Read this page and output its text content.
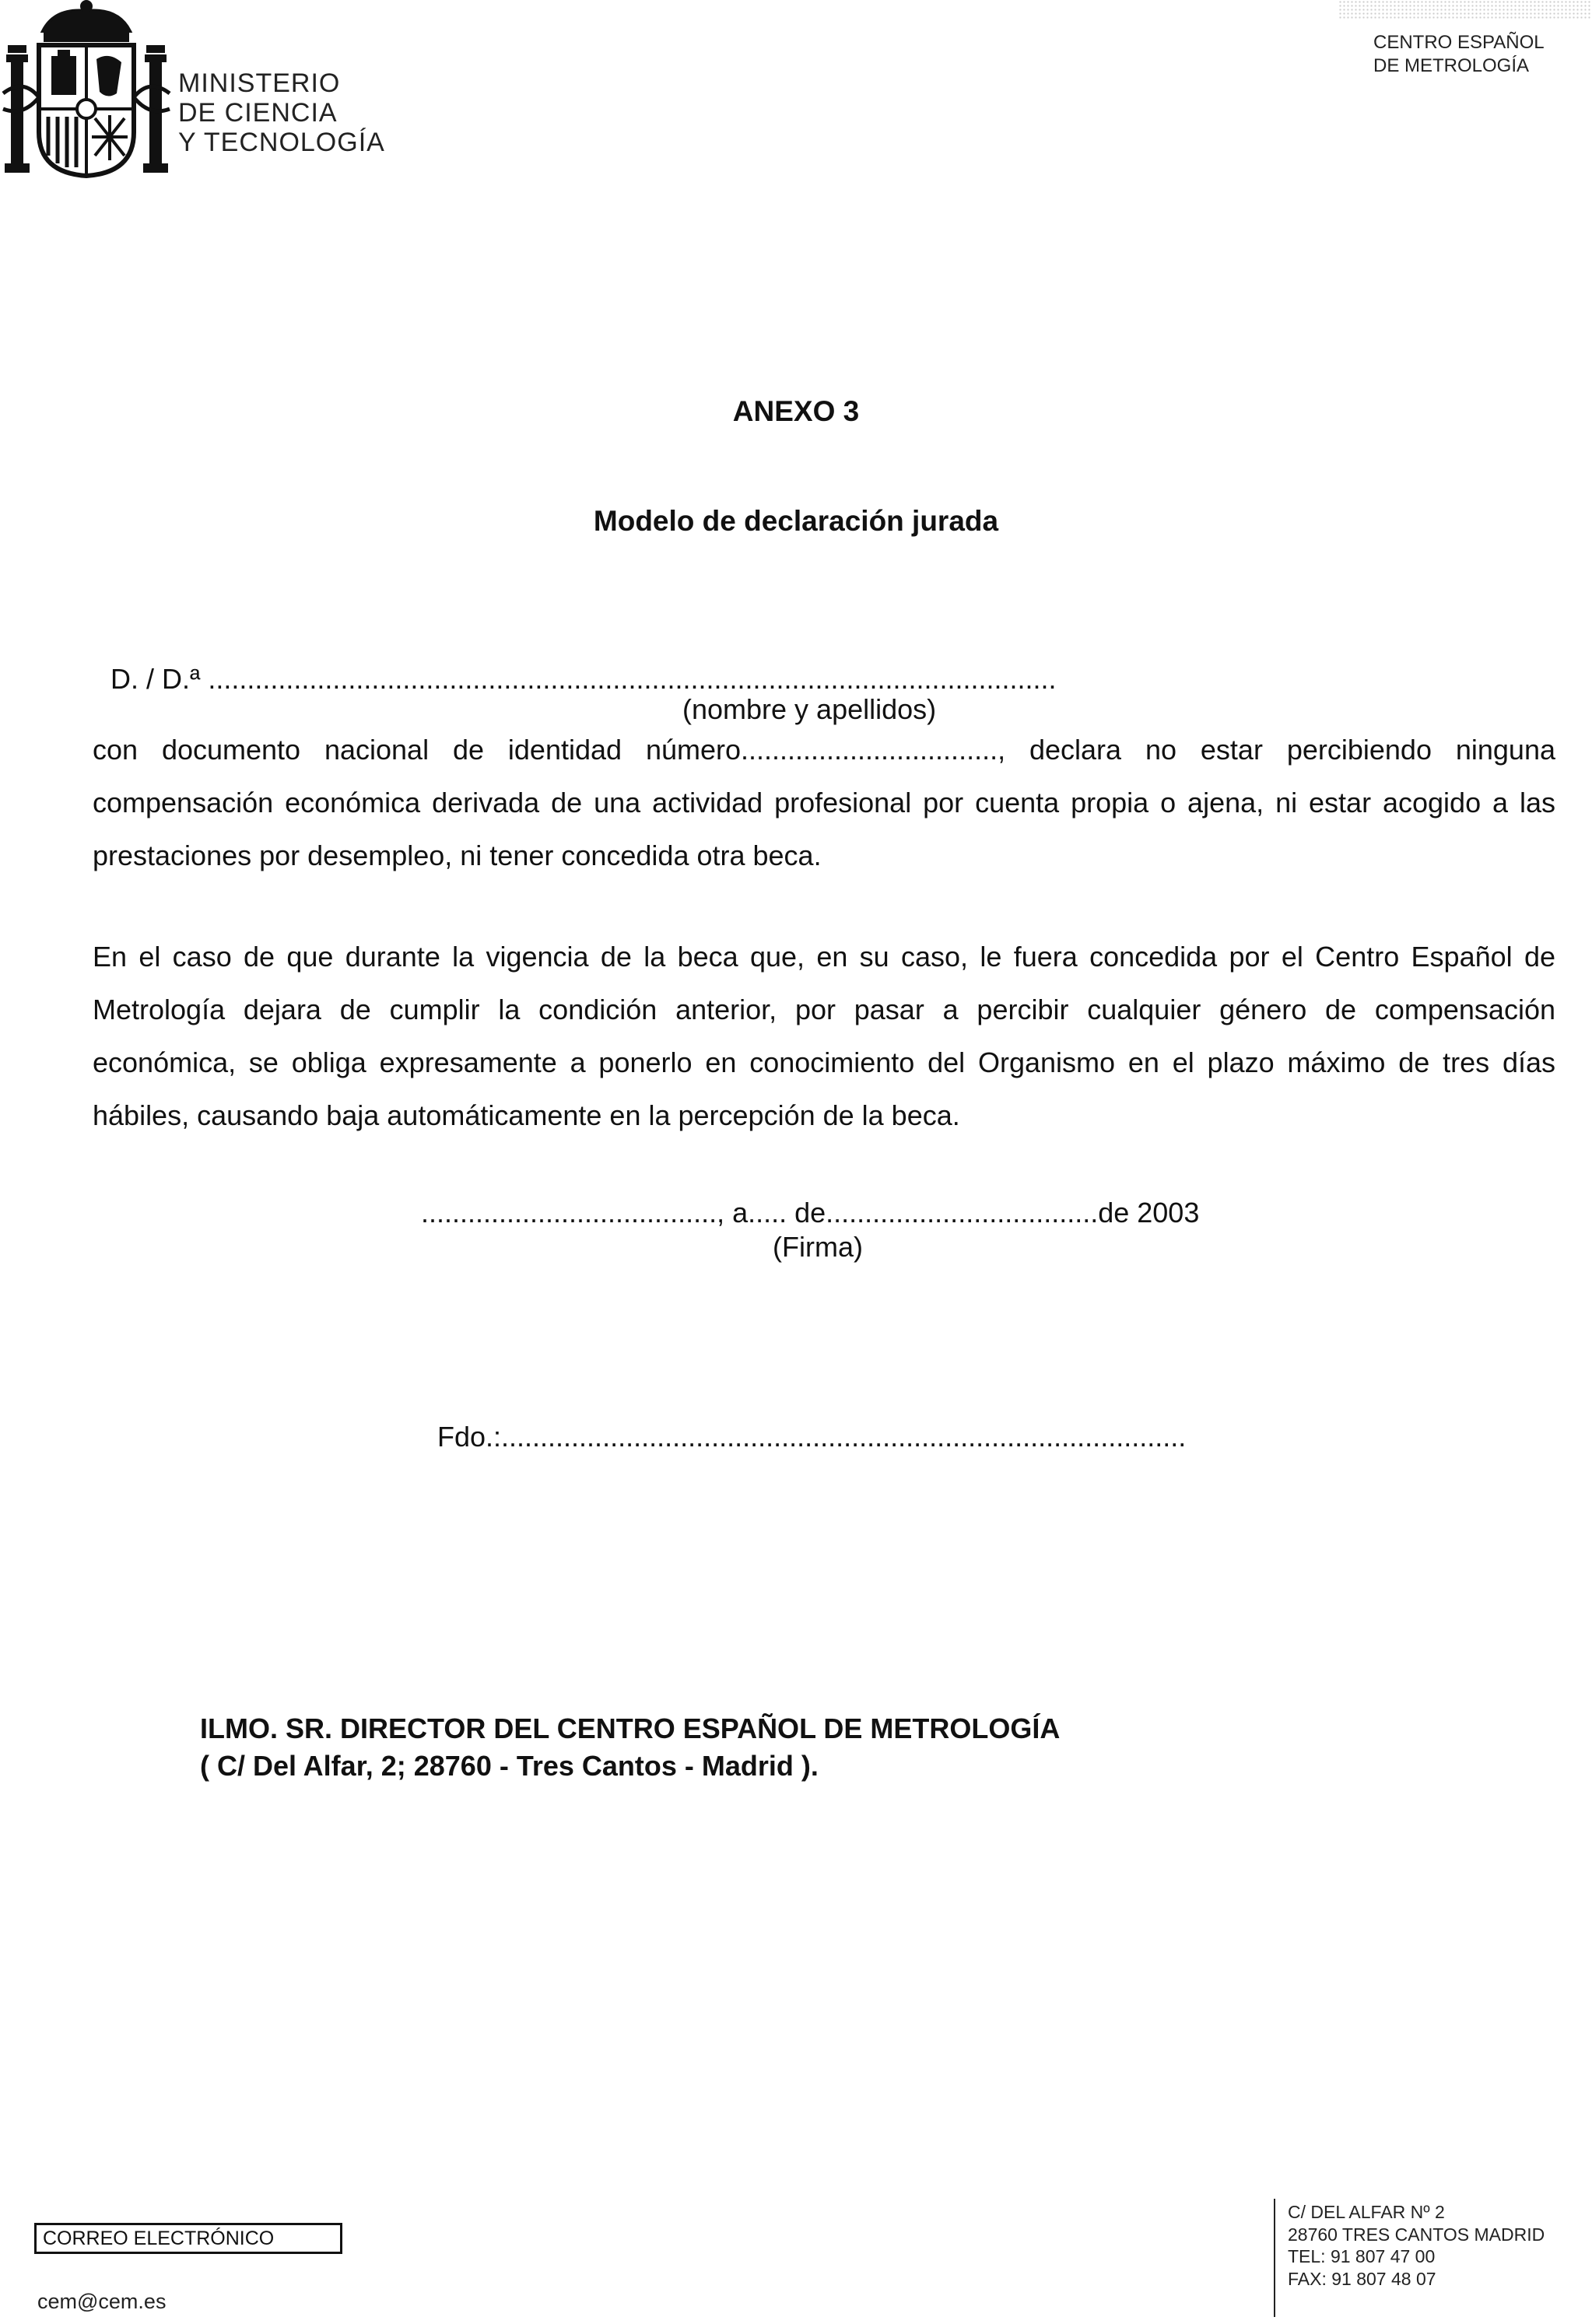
MINISTERIO
DE CIENCIA
Y TECNOLOGÍA
CENTRO ESPAÑOL
DE METROLOGÍA
ANEXO 3
Modelo de declaración jurada
D. / D.ª .............................................................................................................
(nombre y apellidos)
con documento nacional de identidad número................................., declara no estar percibiendo ninguna compensación económica derivada de una actividad profesional por cuenta propia o ajena, ni estar acogido a las prestaciones por desempleo, ni tener concedida otra beca.
En el caso de que durante la vigencia de la beca que, en su caso, le fuera concedida por el Centro Español de Metrología dejara de cumplir la condición anterior, por pasar a percibir cualquier género de compensación económica, se obliga expresamente a ponerlo en conocimiento del Organismo en el plazo máximo de tres días hábiles, causando baja automáticamente en la percepción de la beca.
......................................, a..... de...................................de 2003
(Firma)
Fdo.:........................................................................................
ILMO. SR. DIRECTOR DEL CENTRO ESPAÑOL DE METROLOGÍA
( C/ Del Alfar, 2; 28760 - Tres Cantos - Madrid ).
CORREO ELECTRÓNICO
cem@cem.es
C/ DEL ALFAR Nº 2
28760 TRES CANTOS MADRID
TEL: 91 807 47 00
FAX: 91 807 48 07
